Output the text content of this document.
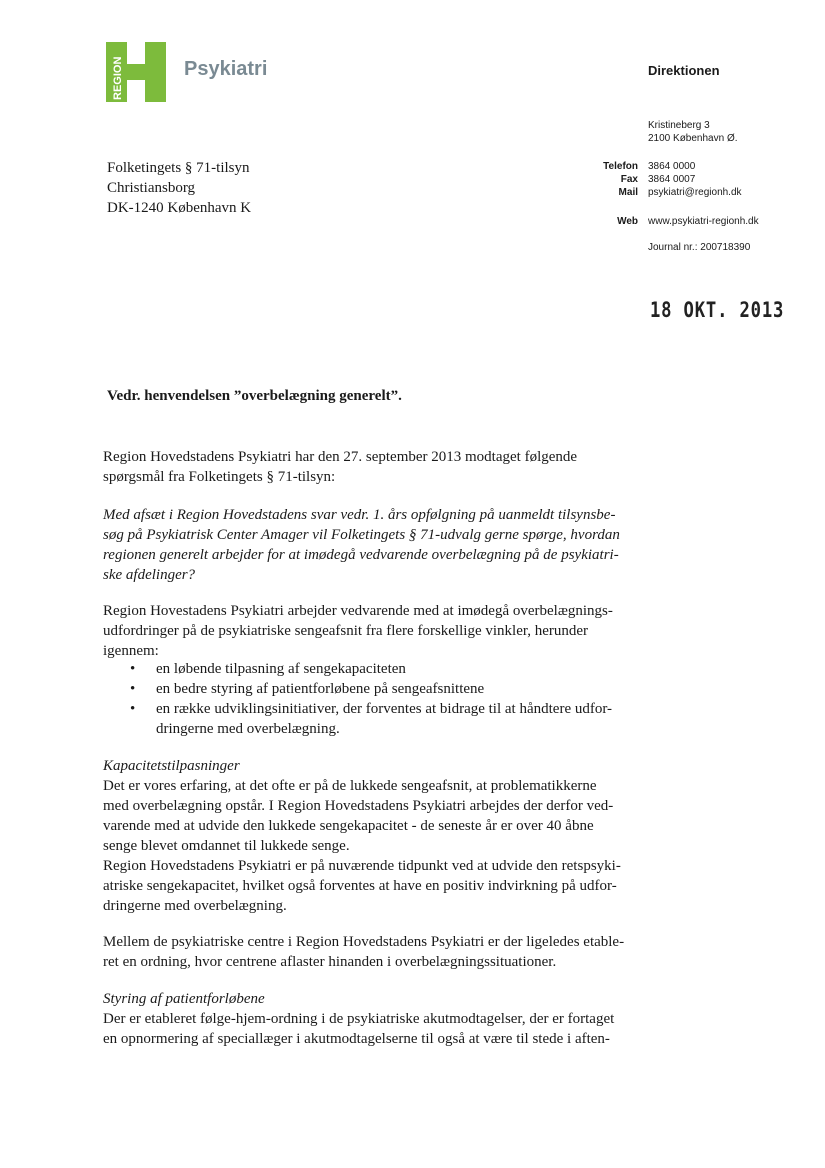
REGION	Psykiatri	Direktionen
Kristineberg 3
2100 København Ø.
Telefon
Fax
Mail
3864 0000
3864 0007
psykiatri@regionh.dk
Web www.psykiatri-regionh.dk
Journal nr.: 200718390
Folketingets § 71-tilsyn
Christiansborg
DK-1240 København K
18 OKT. 2013
Vedr. henvendelsen ”overbelægning generelt”.
Region Hovedstadens Psykiatri har den 27. september 2013 modtaget følgende
spørgsmål fra Folketingets § 71-tilsyn:
Med afsæt i Region Hovedstadens svar vedr. 1. års opfølgning på uanmeldt tilsynsbe-
søg på Psykiatrisk Center Amager vil Folketingets § 71-udvalg gerne spørge, hvordan
regionen generelt arbejder for at imødegå vedvarende overbelægning på de psykiatri-
ske afdelinger?
Region Hovestadens Psykiatri arbejder vedvarende med at imødegå overbelægnings-
udfordringer på de psykiatriske sengeafsnit fra flere forskellige vinkler, herunder
igennem:
• en løbende tilpasning af sengekapaciteten
• en bedre styring af patientforløbene på sengeafsnittene
• en række udviklingsinitiativer, der forventes at bidrage til at håndtere udfor-
dringerne med overbelægning.
Kapacitetstilpasninger
Det er vores erfaring, at det ofte er på de lukkede sengeafsnit, at problematikkerne
med overbelægning opstår. I Region Hovedstadens Psykiatri arbejdes der derfor ved-
varende med at udvide den lukkede sengekapacitet - de seneste år er over 40 åbne
senge blevet omdannet til lukkede senge.
Region Hovedstadens Psykiatri er på nuværende tidpunkt ved at udvide den retspsyki-
atriske sengekapacitet, hvilket også forventes at have en positiv indvirkning på udfor-
dringerne med overbelægning.
Mellem de psykiatriske centre i Region Hovedstadens Psykiatri er der ligeledes etable-
ret en ordning, hvor centrene aflaster hinanden i overbelægningssituationer.
Styring af patientforløbene
Der er etableret følge-hjem-ordning i de psykiatriske akutmodtagelser, der er fortaget
en opnormering af speciallæger i akutmodtagelserne til også at være til stede i aften-
